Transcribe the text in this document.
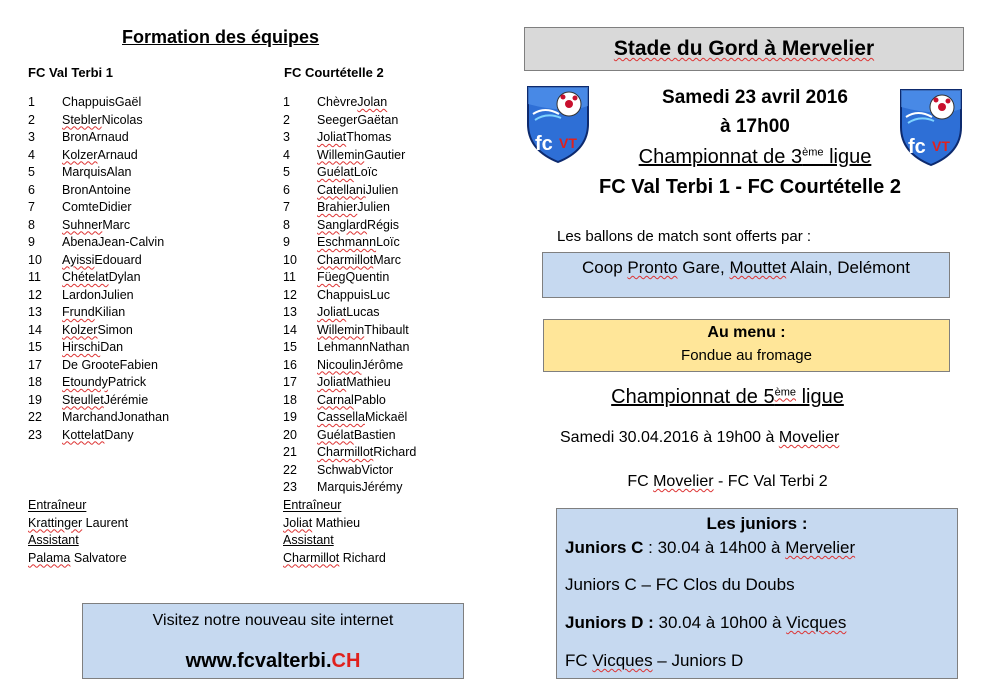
Formation des équipes
FC Val Terbi 1	FC Courtételle 2
1	Chappuis Gaël
2	Stebler Nicolas
3	Bron Arnaud
4	Kolzer Arnaud
5	Marquis Alan
6	Bron Antoine
7	Comte Didier
8	Suhner Marc
9	Abena Jean-Calvin
10	Ayissi Edouard
11	Chételat Dylan
12	Lardon Julien
13	Frund Kilian
14	Kolzer Simon
15	Hirschi Dan
17	De Groote Fabien
18	Etoundy Patrick
19	Steullet Jérémie
22	Marchand Jonathan
23	Kottelat Dany
1	Chèvre Jolan
2	Seeger Gaëtan
3	Joliat Thomas
4	Willemin Gautier
5	Guélat Loïc
6	Catellani Julien
7	Brahier Julien
8	Sanglard Régis
9	Eschmann Loïc
10	Charmillot Marc
11	Füeg Quentin
12	Chappuis Luc
13	Joliat Lucas
14	Willemin Thibault
15	Lehmann Nathan
16	Nicoulin Jérôme
17	Joliat Mathieu
18	Carnal Pablo
19	Cassella Mickaël
20	Guélat Bastien
21	Charmillot Richard
22	Schwab Victor
23	Marquis Jérémy
Entraîneur
Krattinger Laurent
Assistant
Palama Salvatore
Entraîneur
Joliat Mathieu
Assistant
Charmillot Richard
Visitez notre nouveau site internet
www.fcvalterbi.CH
Stade du Gord à Mervelier
fc VT	fc VT
Samedi 23 avril 2016
à 17h00
Championnat de 3ème ligue
FC Val Terbi 1 - FC Courtételle 2
Les ballons de match sont offerts par :
Coop Pronto Gare, Mouttet Alain, Delémont
Au menu :
Fondue au fromage
Championnat de 5ème ligue
Samedi 30.04.2016 à 19h00 à Movelier
FC Movelier - FC Val Terbi 2
Les juniors :
Juniors C : 30.04 à 14h00 à Mervelier
Juniors C – FC Clos du Doubs
Juniors D : 30.04 à 10h00 à Vicques
FC Vicques – Juniors D
